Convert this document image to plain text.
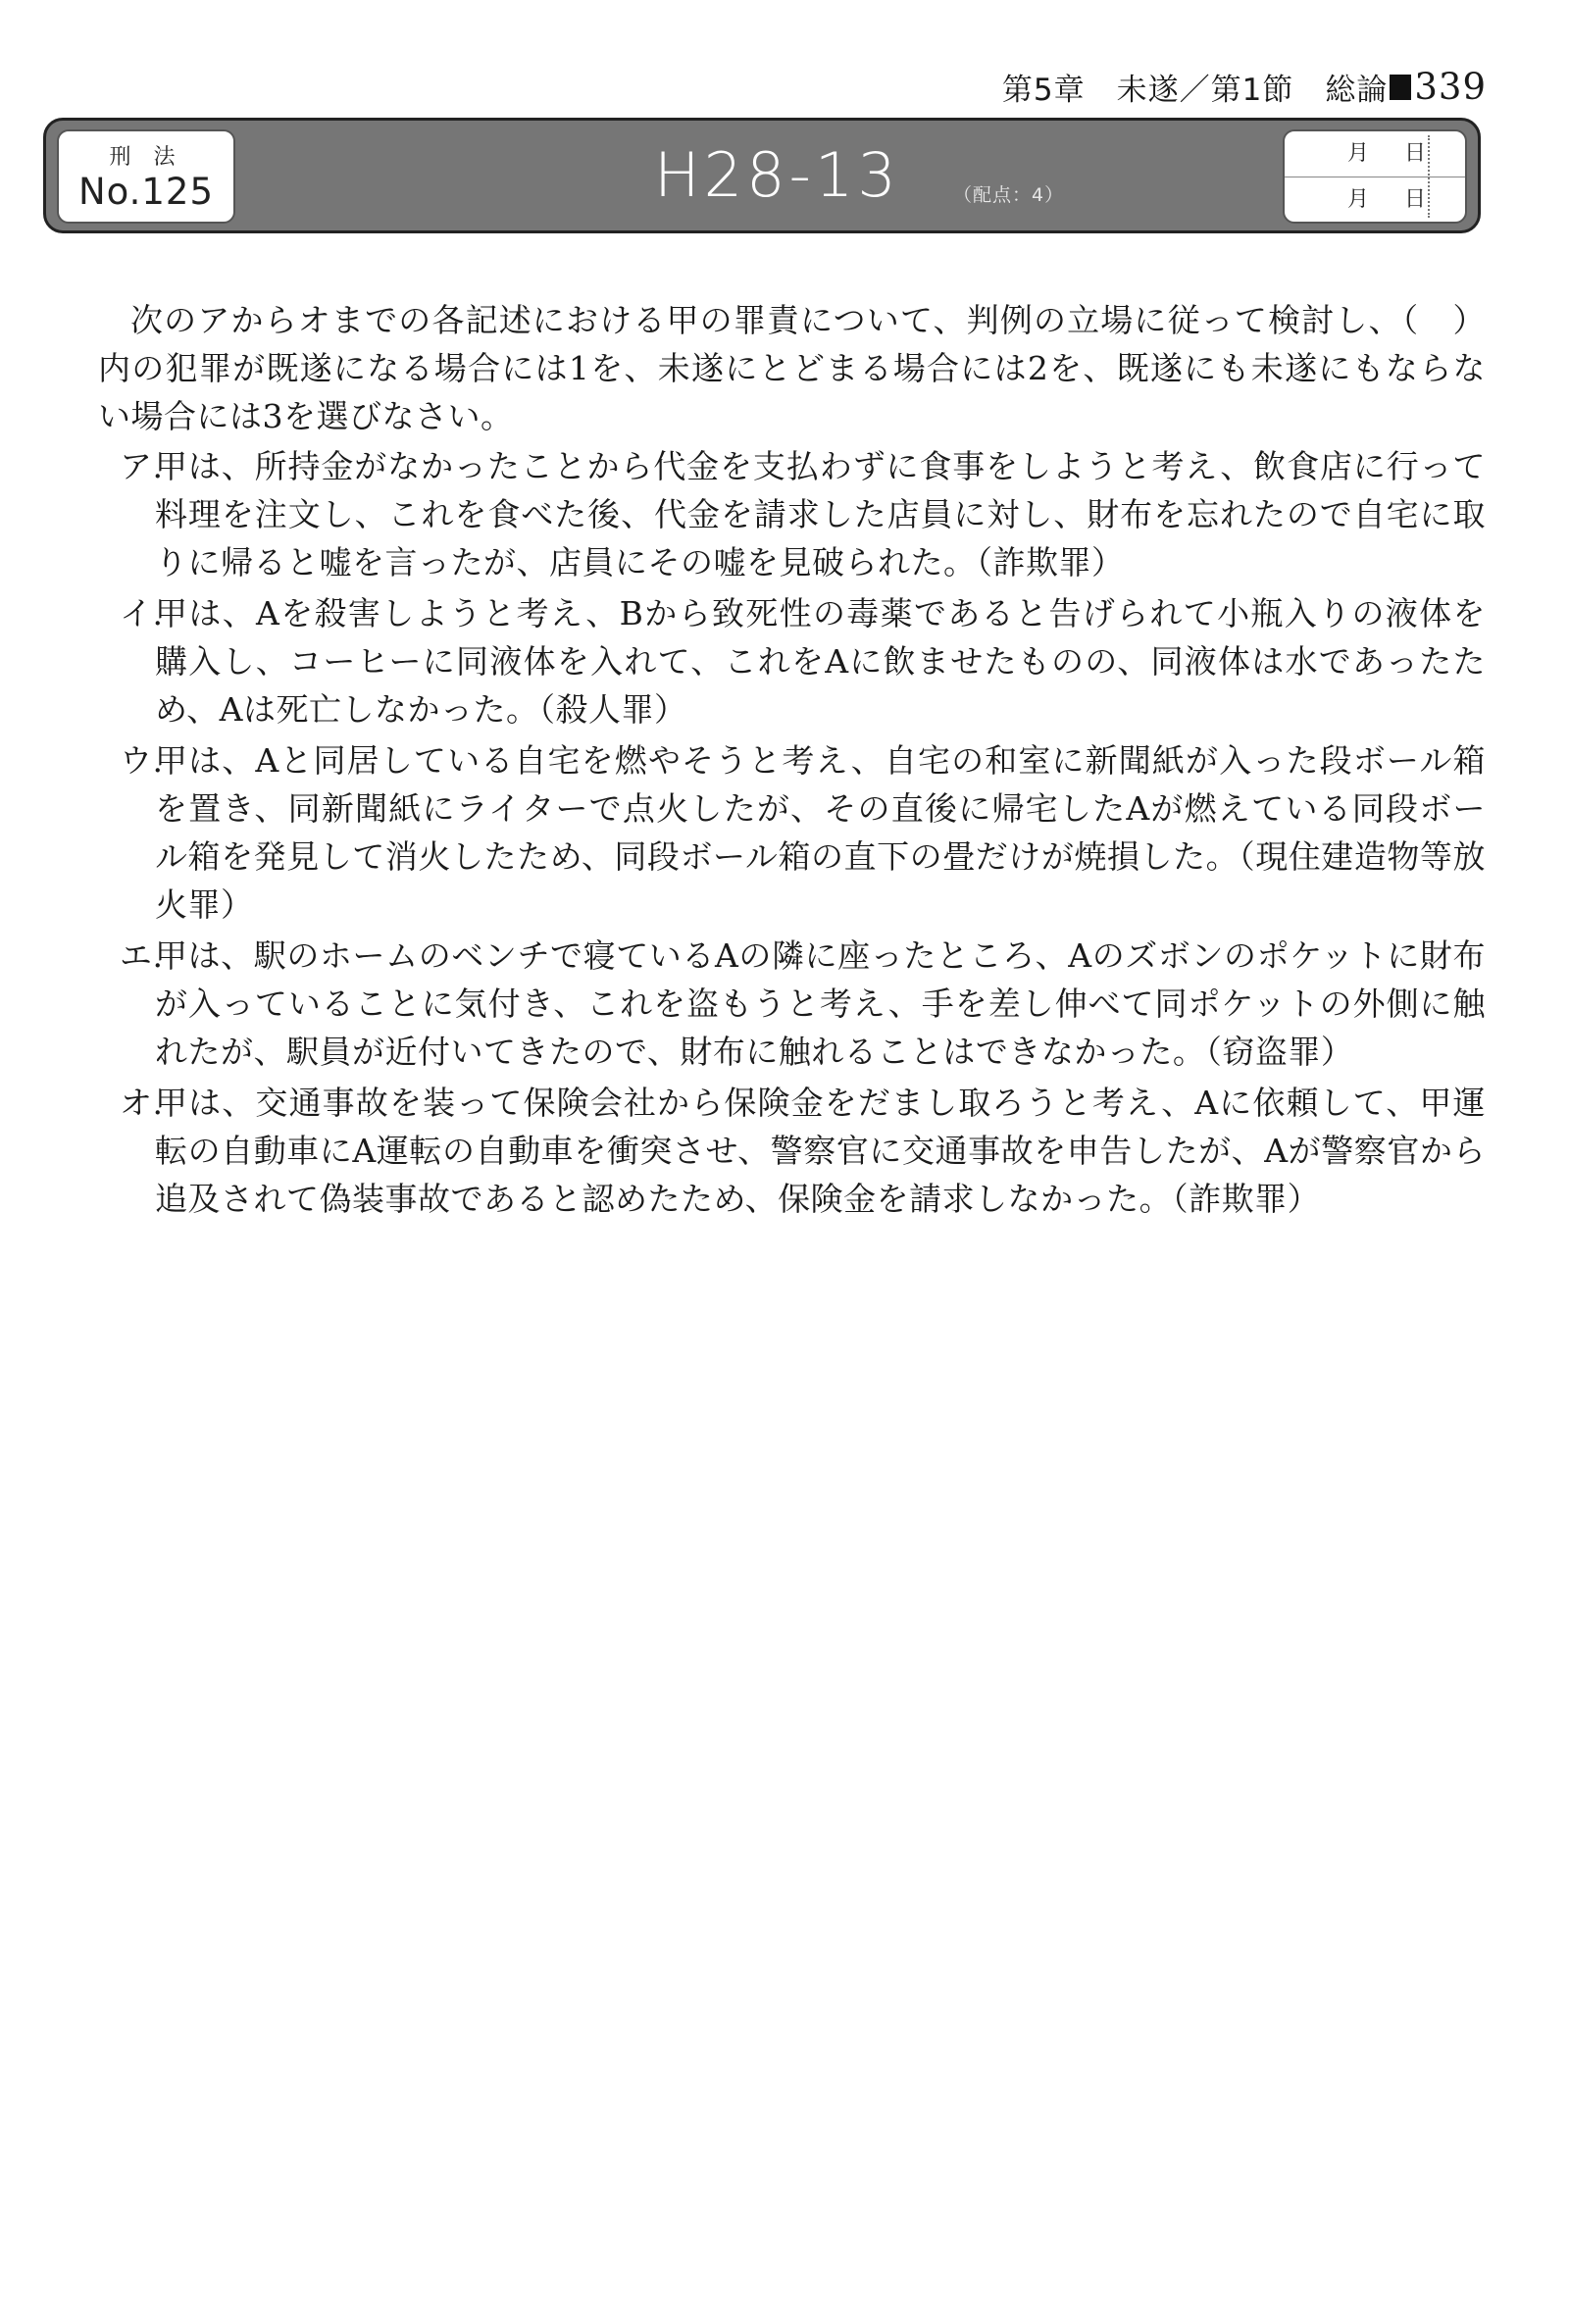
第5章　未遂／第1節　総論 339
刑 法
No.125	H28-13	（配点：4）
月 日
月 日

次のアからオまでの各記述における甲の罪責について、判例の立場に従って検討し、（　）内の犯罪が既遂になる場合には1を、未遂にとどまる場合には2を、既遂にも未遂にもならない場合には3を選びなさい。

ア.
甲は、所持金がなかったことから代金を支払わずに食事をしようと考え、飲食店に行って料理を注文し、これを食べた後、代金を請求した店員に対し、財布を忘れたので自宅に取りに帰ると嘘を言ったが、店員にその嘘を見破られた。（詐欺罪）
イ.
甲は、Aを殺害しようと考え、Bから致死性の毒薬であると告げられて小瓶入りの液体を購入し、コーヒーに同液体を入れて、これをAに飲ませたものの、同液体は水であったため、Aは死亡しなかった。（殺人罪）
ウ.
甲は、Aと同居している自宅を燃やそうと考え、自宅の和室に新聞紙が入った段ボール箱を置き、同新聞紙にライターで点火したが、その直後に帰宅したAが燃えている同段ボール箱を発見して消火したため、同段ボール箱の直下の畳だけが焼損した。（現住建造物等放火罪）
エ.
甲は、駅のホームのベンチで寝ているAの隣に座ったところ、Aのズボンのポケットに財布が入っていることに気付き、これを盗もうと考え、手を差し伸べて同ポケットの外側に触れたが、駅員が近付いてきたので、財布に触れることはできなかった。（窃盗罪）
オ.
甲は、交通事故を装って保険会社から保険金をだまし取ろうと考え、Aに依頼して、甲運転の自動車にA運転の自動車を衝突させ、警察官に交通事故を申告したが、Aが警察官から追及されて偽装事故であると認めたため、保険金を請求しなかった。（詐欺罪）
